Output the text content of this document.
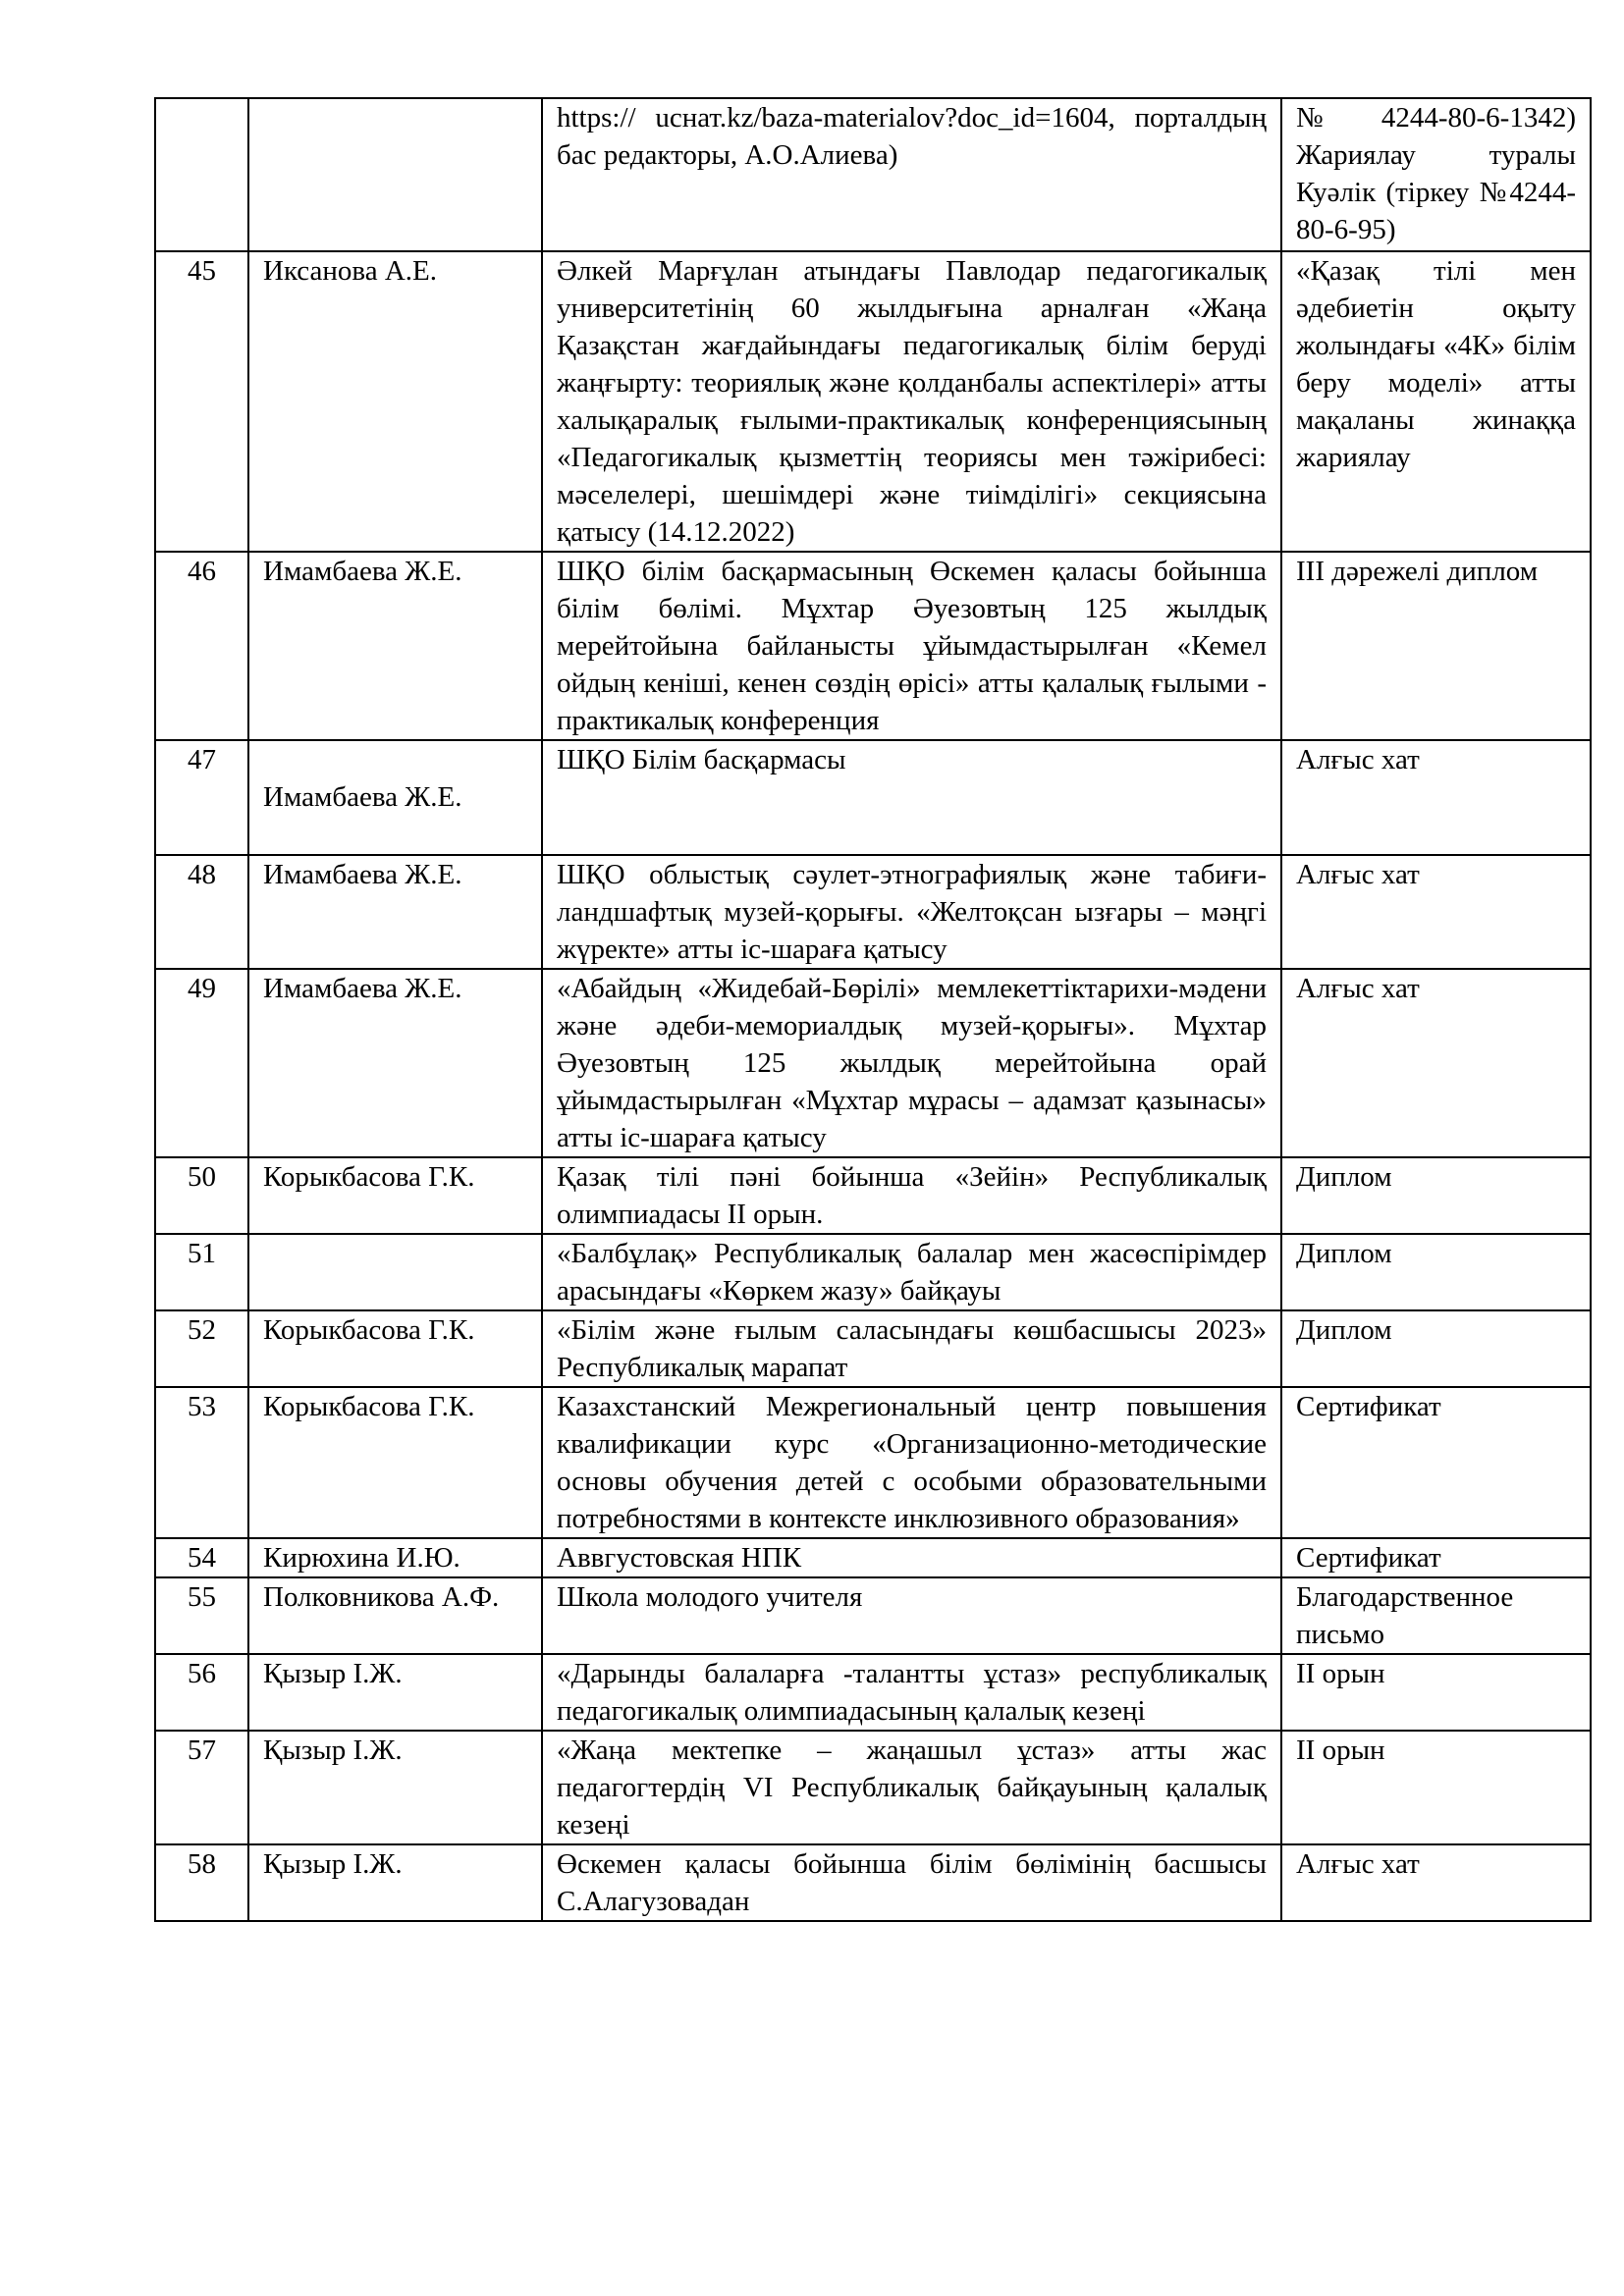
		https:// uснат.kz/baza-materialov?doc_id=1604, порталдың бас редакторы, А.О.Алиева)	№4244-80-6-1342) Жариялау туралы Куәлік (тіркеу №4244-80-6-95)
45	Иксанова А.Е.	Әлкей Марғұлан атындағы Павлодар педагогикалық университетінің 60 жылдығына арналған «Жаңа Қазақстан жағдайындағы педагогикалық білім беруді жаңғырту: теориялық және қолданбалы аспектілері» атты халықаралық ғылыми-практикалық конференциясының «Педагогикалық қызметтің теориясы мен тәжірибесі: мәселелері, шешімдері және тиімділігі» секциясына қатысу (14.12.2022)	«Қазақ тілі мен әдебиетін оқыту жолындағы «4К» білім беру моделі» атты мақаланы жинаққа жариялау
46	Имамбаева Ж.Е.	ШҚО білім басқармасының Өскемен қаласы бойынша білім бөлімі. Мұхтар Әуезовтың 125 жылдық мерейтойына байланысты ұйымдастырылған «Кемел ойдың кеніші, кенен сөздің өрісі» атты қалалық ғылыми - практикалық конференция	ІІІ дәрежелі диплом
47	Имамбаева Ж.Е.	ШҚО Білім басқармасы	Алғыс хат
48	Имамбаева Ж.Е.	ШҚО облыстық сәулет-этнографиялық және табиғи-ландшафтық музей-қорығы. «Желтоқсан ызғары – мәңгі жүректе» атты іс-шараға қатысу	Алғыс хат
49	Имамбаева Ж.Е.	«Абайдың «Жидебай-Бөрілі» мемлекеттіктарихи-мәдени және әдеби-мемориалдық музей-қорығы». Мұхтар Әуезовтың 125 жылдық мерейтойына орай ұйымдастырылған «Мұхтар мұрасы – адамзат қазынасы» атты іс-шараға қатысу	Алғыс хат
50	Корыкбасова Г.К.	Қазақ тілі пәні бойынша «Зейін» Республикалық олимпиадасы ІІ орын.	Диплом
51		«Балбұлақ» Республикалық балалар мен жасөспірімдер арасындағы «Көркем жазу» байқауы	Диплом
52	Корыкбасова Г.К.	«Білім және ғылым саласындағы көшбасшысы 2023» Республикалық марапат	Диплом
53	Корыкбасова Г.К.	Казахстанский Межрегиональный центр повышения квалификации курс «Организационно-методические основы обучения детей с особыми образовательными потребностями в контексте инклюзивного образования»	Сертификат
54	Кирюхина И.Ю.	Аввгустовская НПК	Сертификат
55	Полковникова А.Ф.	Школа молодого учителя	Благодарственное письмо
56	Қызыр І.Ж.	«Дарынды балаларға -талантты ұстаз» республикалық педагогикалық олимпиадасының қалалық кезеңі	ІІ орын
57	Қызыр І.Ж.	«Жаңа мектепке – жаңашыл ұстаз» атты жас педагогтердің VI Республикалық байқауының қалалық кезеңі	ІІ орын
58	Қызыр І.Ж.	Өскемен қаласы бойынша білім бөлімінің басшысы С.Алагузовадан	Алғыс хат
